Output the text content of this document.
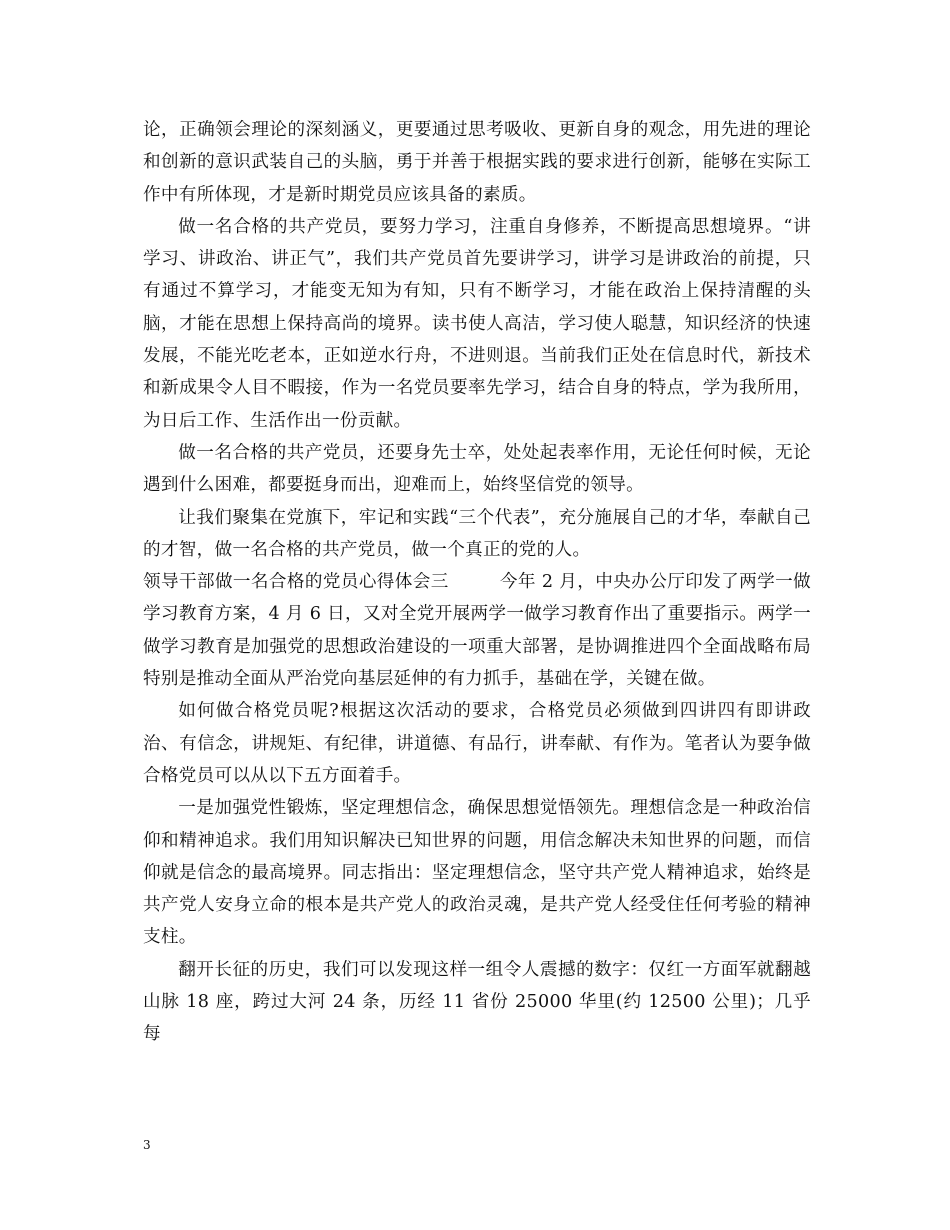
论，正确领会理论的深刻涵义，更要通过思考吸收、更新自身的观念，用先进的理论和创新的意识武装自己的头脑，勇于并善于根据实践的要求进行创新，能够在实际工作中有所体现，才是新时期党员应该具备的素质。

做一名合格的共产党员，要努力学习，注重自身修养，不断提高思想境界。“讲学习、讲政治、讲正气”，我们共产党员首先要讲学习，讲学习是讲政治的前提，只有通过不算学习，才能变无知为有知，只有不断学习，才能在政治上保持清醒的头脑，才能在思想上保持高尚的境界。读书使人高洁，学习使人聪慧，知识经济的快速发展，不能光吃老本，正如逆水行舟，不进则退。当前我们正处在信息时代，新技术和新成果令人目不暇接，作为一名党员要率先学习，结合自身的特点，学为我所用，为日后工作、生活作出一份贡献。

做一名合格的共产党员，还要身先士卒，处处起表率作用，无论任何时候，无论遇到什么困难，都要挺身而出，迎难而上，始终坚信党的领导。

让我们聚集在党旗下，牢记和实践“三个代表”，充分施展自己的才华，奉献自己的才智，做一名合格的共产党员，做一个真正的党的人。

领导干部做一名合格的党员心得体会三	今年 2 月，中央办公厅印发了两学一做学习教育方案，4 月 6 日，又对全党开展两学一做学习教育作出了重要指示。两学一做学习教育是加强党的思想政治建设的一项重大部署，是协调推进四个全面战略布局特别是推动全面从严治党向基层延伸的有力抓手，基础在学，关键在做。

如何做合格党员呢?根据这次活动的要求，合格党员必须做到四讲四有即讲政治、有信念，讲规矩、有纪律，讲道德、有品行，讲奉献、有作为。笔者认为要争做合格党员可以从以下五方面着手。

一是加强党性锻炼，坚定理想信念，确保思想觉悟领先。理想信念是一种政治信仰和精神追求。我们用知识解决已知世界的问题，用信念解决未知世界的问题，而信仰就是信念的最高境界。同志指出：坚定理想信念，坚守共产党人精神追求，始终是共产党人安身立命的根本是共产党人的政治灵魂，是共产党人经受住任何考验的精神支柱。

翻开长征的历史，我们可以发现这样一组令人震撼的数字：仅红一方面军就翻越山脉 18 座，跨过大河 24 条，历经 11 省份 25000 华里(约 12500 公里)；几乎每

3
